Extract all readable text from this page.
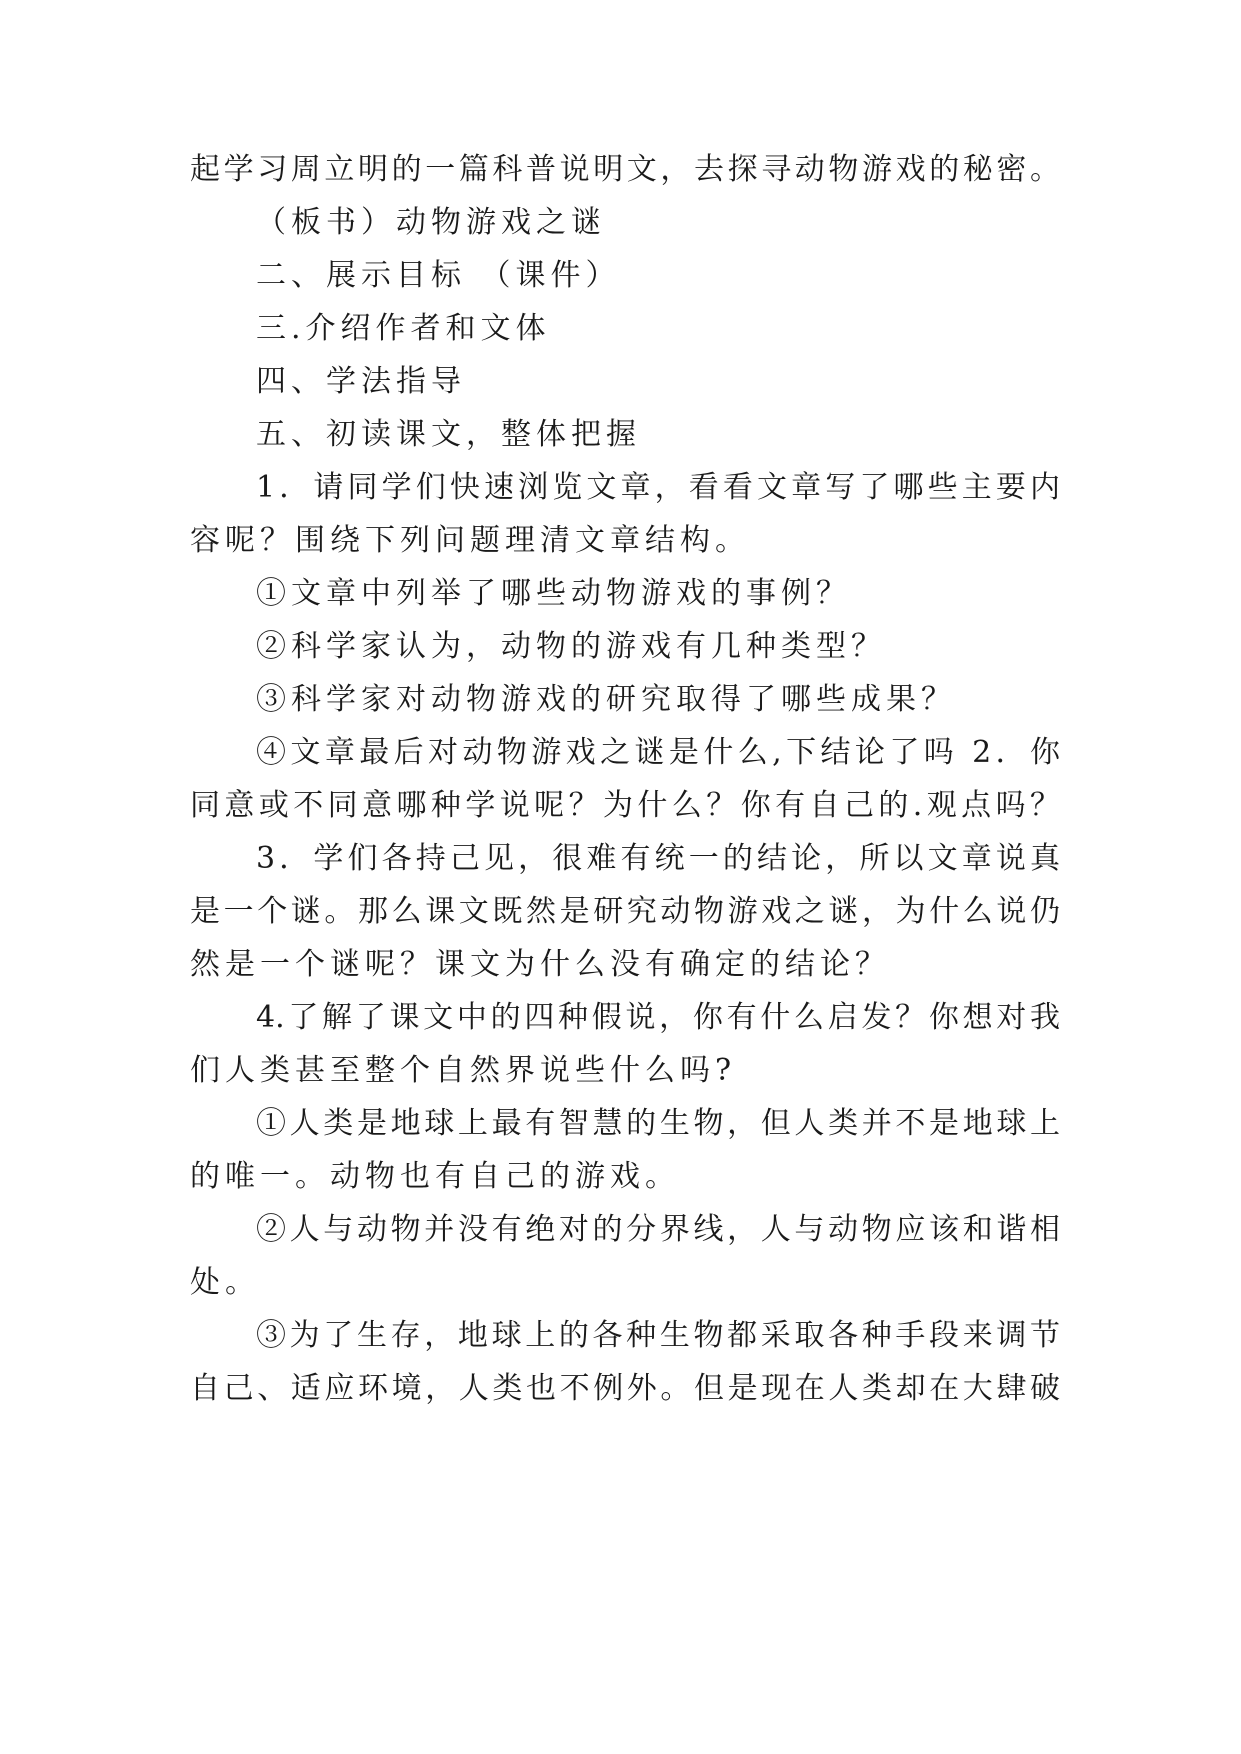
起学习周立明的一篇科普说明文，去探寻动物游戏的秘密。
（板书）动物游戏之谜
二、展示目标 （课件）
三.介绍作者和文体
四、学法指导
五、初读课文，整体把握
1．请同学们快速浏览文章，看看文章写了哪些主要内
容呢？围绕下列问题理清文章结构。
①文章中列举了哪些动物游戏的事例？
②科学家认为，动物的游戏有几种类型？
③科学家对动物游戏的研究取得了哪些成果？
④文章最后对动物游戏之谜是什么,下结论了吗 2．你
同意或不同意哪种学说呢？为什么？你有自己的.观点吗？
3．学们各持己见，很难有统一的结论，所以文章说真
是一个谜。那么课文既然是研究动物游戏之谜，为什么说仍
然是一个谜呢？课文为什么没有确定的结论？
4.了解了课文中的四种假说，你有什么启发？你想对我
们人类甚至整个自然界说些什么吗?
①人类是地球上最有智慧的生物，但人类并不是地球上
的唯一。动物也有自己的游戏。
②人与动物并没有绝对的分界线，人与动物应该和谐相
处。
③为了生存，地球上的各种生物都采取各种手段来调节
自己、适应环境，人类也不例外。但是现在人类却在大肆破
